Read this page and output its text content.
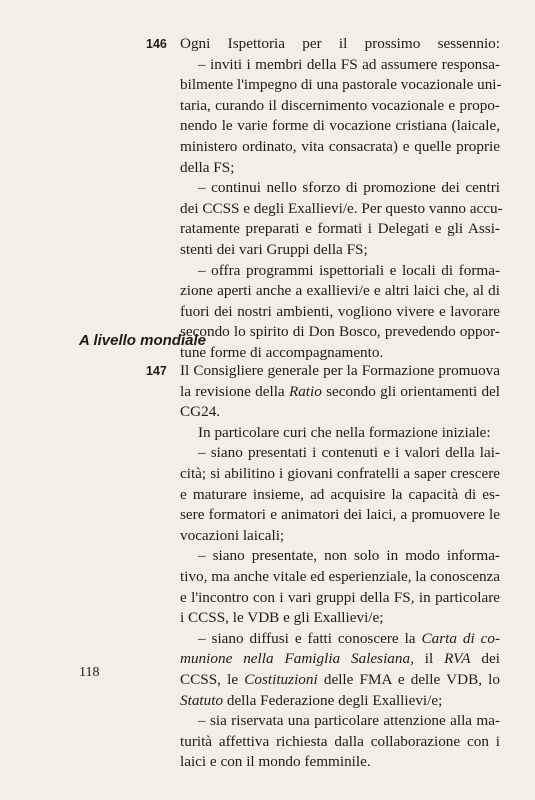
146 Ogni Ispettoria per il prossimo sessennio:
– inviti i membri della FS ad assumere responsa-
bilmente l'impegno di una pastorale vocazionale uni-
taria, curando il discernimento vocazionale e propo-
nendo le varie forme di vocazione cristiana (laicale,
ministero ordinato, vita consacrata) e quelle proprie
della FS;
– continui nello sforzo di promozione dei centri
dei CCSS e degli Exallievi/e. Per questo vanno accu-
ratamente preparati e formati i Delegati e gli Assi-
stenti dei vari Gruppi della FS;
– offra programmi ispettoriali e locali di forma-
zione aperti anche a exallievi/e e altri laici che, al di
fuori dei nostri ambienti, vogliono vivere e lavorare
secondo lo spirito di Don Bosco, prevedendo oppor-
tune forme di accompagnamento.
A livello mondiale
147 Il Consigliere generale per la Formazione promuova
la revisione della Ratio secondo gli orientamenti del
CG24.
In particolare curi che nella formazione iniziale:
– siano presentati i contenuti e i valori della lai-
cità; si abilitino i giovani confratelli a saper crescere
e maturare insieme, ad acquisire la capacità di es-
sere formatori e animatori dei laici, a promuovere le
vocazioni laicali;
– siano presentate, non solo in modo informa-
tivo, ma anche vitale ed esperienziale, la conoscenza
e l'incontro con i vari gruppi della FS, in particolare
i CCSS, le VDB e gli Exallievi/e;
– siano diffusi e fatti conoscere la Carta di co-
munione nella Famiglia Salesiana, il RVA dei
CCSS, le Costituzioni delle FMA e delle VDB, lo
Statuto della Federazione degli Exallievi/e;
– sia riservata una particolare attenzione alla ma-
turità affettiva richiesta dalla collaborazione con i
laici e con il mondo femminile.
118
